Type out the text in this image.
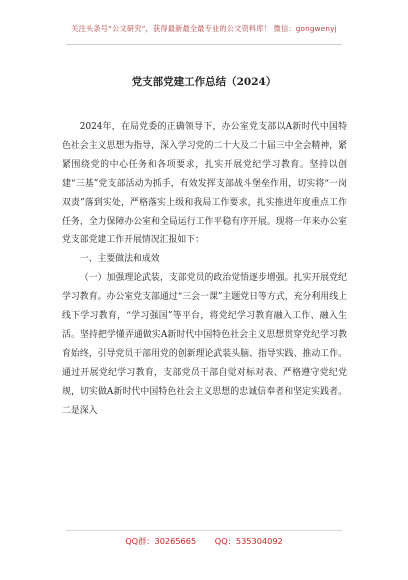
关注头条号“公文研究”，获得最新最全最专业的公文资料库！ 微信：gongwenyj
党支部党建工作总结（2024）

2024年，在局党委的正确领导下，办公室党支部以A新时代中国特色社会主义思想为指导，深入学习党的二十大及二十届三中全会精神，紧紧围绕党的中心任务和各项要求，扎实开展党纪学习教育。坚持以创建“三基”党支部活动为抓手，有效发挥支部战斗堡垒作用，切实将“一岗双责”落到实处，严格落实上级和我局工作要求，扎实推进年度重点工作任务，全力保障办公室和全局运行工作平稳有序开展。现将一年来办公室党支部党建工作开展情况汇报如下：

一、主要做法和成效

（一）加强理论武装，支部党员的政治觉悟逐步增强。扎实开展党纪学习教育。办公室党支部通过“三会一课”主题党日等方式，充分利用线上线下学习教育，“学习强国”等平台，将党纪学习教育融入工作、融入生活。坚持把学懂弄通做实A新时代中国特色社会主义思想贯穿党纪学习教育始终，引导党员干部用党的创新理论武装头脑、指导实践、推动工作。通过开展党纪学习教育，支部党员干部自觉对标对表、严格遵守党纪党规，切实做A新时代中国特色社会主义思想的忠诚信奉者和坚定实践者。二是深入

QQ群：30265665 QQ：535304092
